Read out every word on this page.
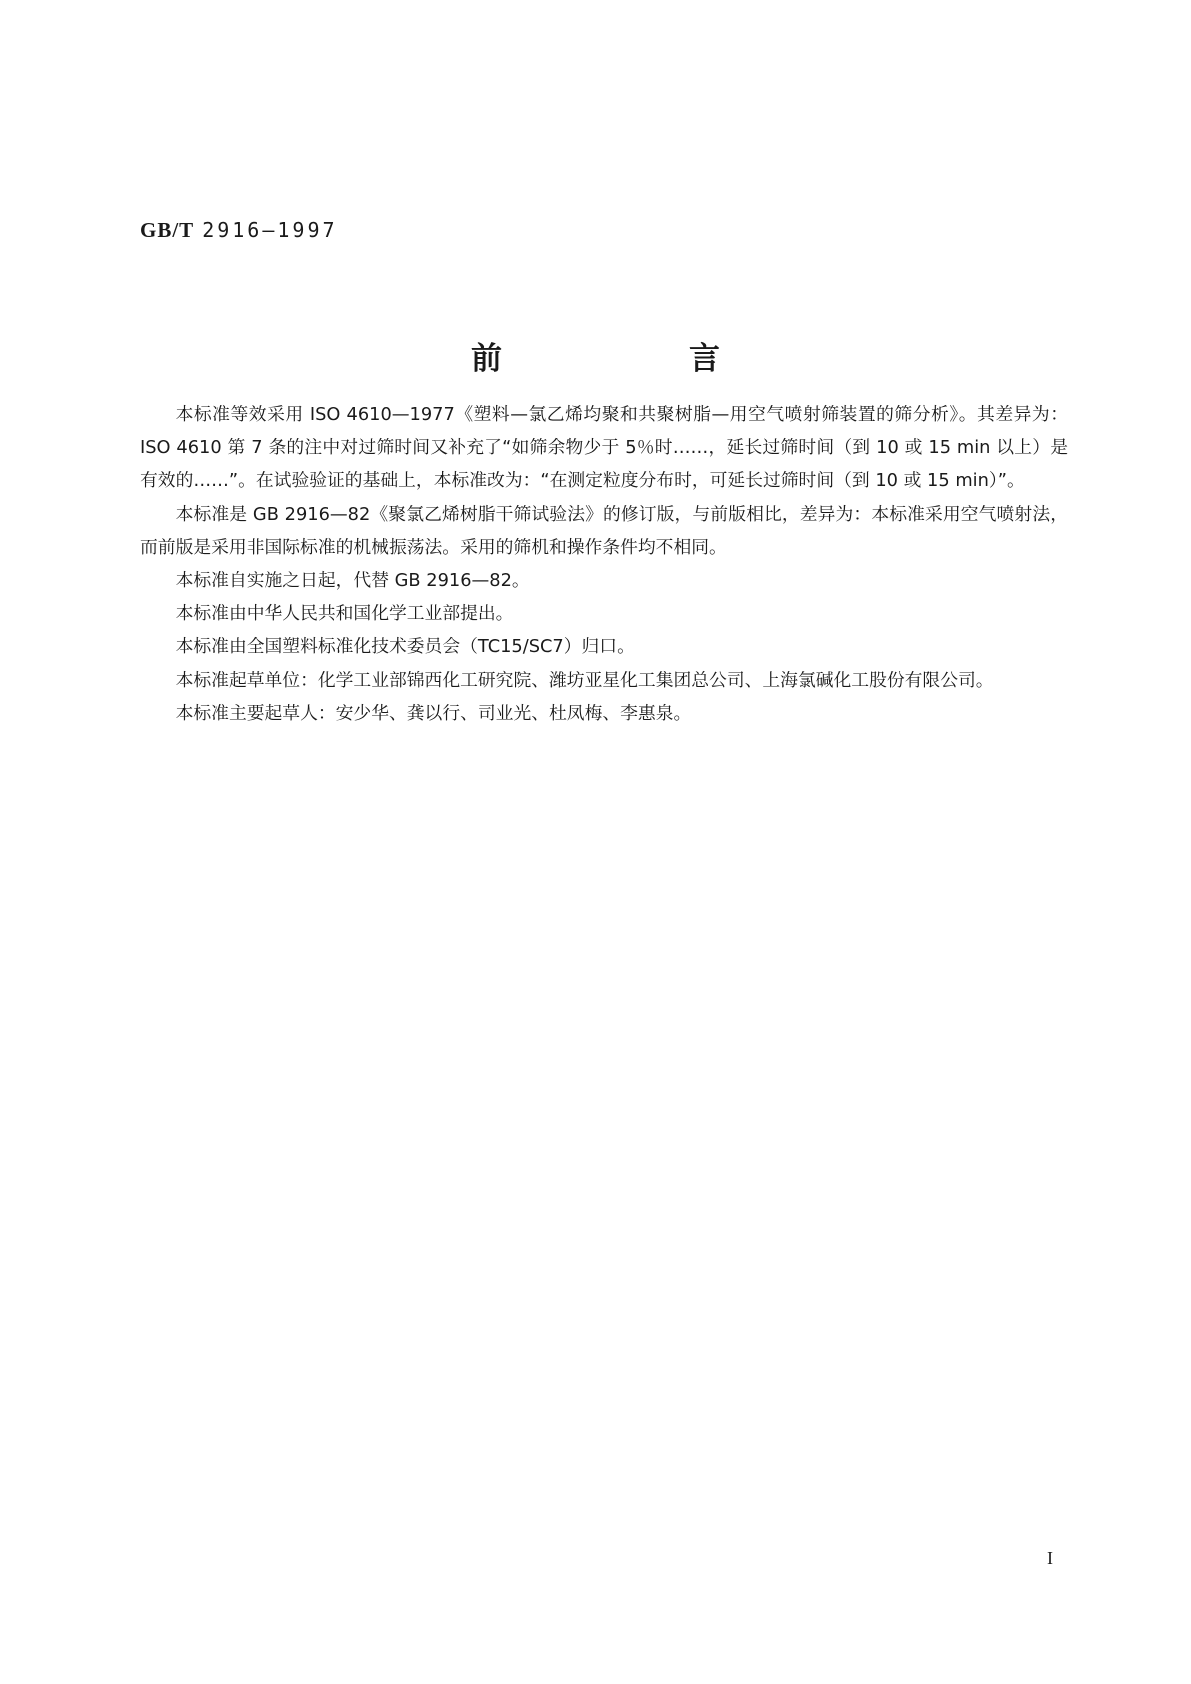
GB/T 2916—1997
前　言

本标准等效采用 ISO 4610—1977《塑料—氯乙烯均聚和共聚树脂—用空气喷射筛装置的筛分析》。其差异为：ISO 4610 第 7 条的注中对过筛时间又补充了“如筛余物少于 5％时……，延长过筛时间（到 10 或 15 min 以上）是有效的……”。在试验验证的基础上，本标准改为：“在测定粒度分布时，可延长过筛时间（到 10 或 15 min）”。

本标准是 GB 2916—82《聚氯乙烯树脂干筛试验法》的修订版，与前版相比，差异为：本标准采用空气喷射法，而前版是采用非国际标准的机械振荡法。采用的筛机和操作条件均不相同。

本标准自实施之日起，代替 GB 2916—82。

本标准由中华人民共和国化学工业部提出。

本标准由全国塑料标准化技术委员会（TC15/SC7）归口。

本标准起草单位：化学工业部锦西化工研究院、潍坊亚星化工集团总公司、上海氯碱化工股份有限公司。

本标准主要起草人：安少华、龚以行、司业光、杜凤梅、李惠泉。

I
